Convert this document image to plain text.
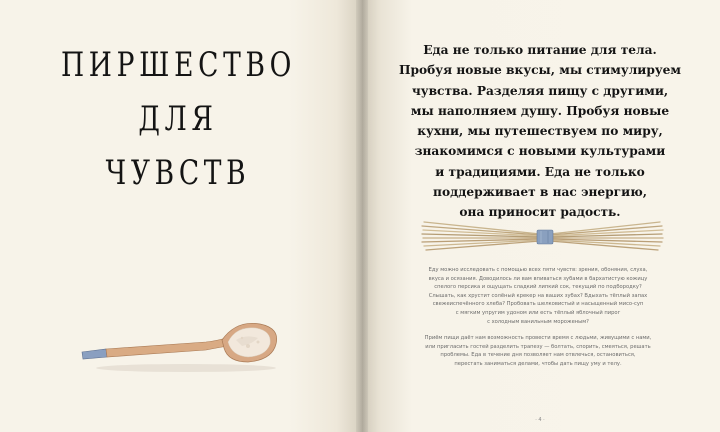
ПИРШЕСТВО
ДЛЯ
ЧУВСТВ
Еда не только питание для тела.
Пробуя новые вкусы, мы стимулируем
чувства. Разделяя пищу с другими,
мы наполняем душу. Пробуя новые
кухни, мы путешествуем по миру,
знакомимся с новыми культурами
и традициями. Еда не только
поддерживает в нас энергию,
она приносит радость.
Еду можно исследовать с помощью всех пяти чувств: зрения, обоняния, слуха,
вкуса и осязания. Доводилось ли вам впиваться зубами в бархатистую кожицу
спелого персика и ощущать сладкий липкий сок, текущий по подбородку?
Слышать, как хрустит солёный крекер на ваших зубах? Вдыхать тёплый запах
свежеиспечённого хлеба? Пробовать шелковистый и насыщенный мисо-суп
с мягким упругим удоном или есть тёплый яблочный пирог
с холодным ванильным мороженым?
Приём пищи даёт нам возможность провести время с людьми, живущими с нами,
или пригласить гостей разделить трапезу — болтать, спорить, смеяться, решать
проблемы. Еда в течение дня позволяет нам отвлечься, остановиться,
перестать заниматься делами, чтобы дать пищу уму и телу.
· 4 ·
